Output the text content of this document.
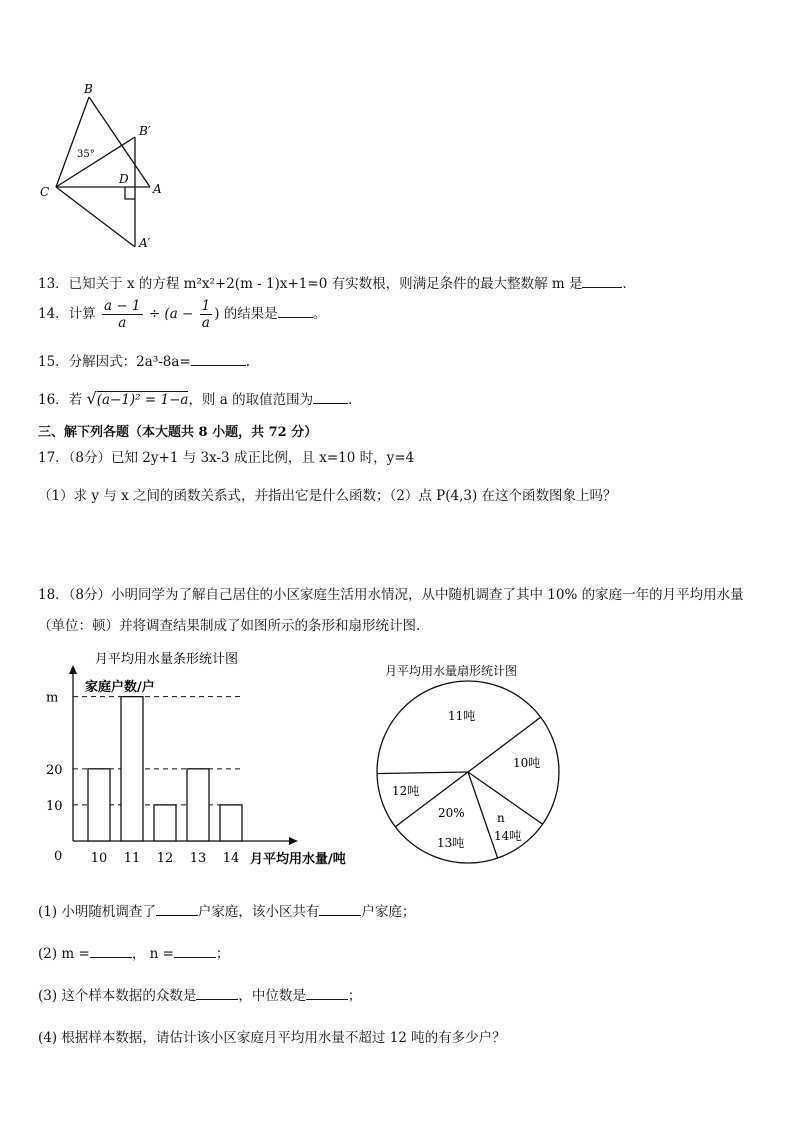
B
B′
35°
C
D
A
A′
13．已知关于 x 的方程 m²x²+2(m - 1)x+1=0 有实数根，则满足条件的最大整数解 m 是	．
14．计算 $\frac{a - 1}{a} \div (a - \frac{1}{a}$ ) 的结果是	。
15．分解因式：2a³-8a=	.
16．若 √(a−1)² = 1−a，则 a 的取值范围为	．
三、解下列各题（本大题共 8 小题，共 72 分）
17．（8分）已知 2y+1 与 3x-3 成正比例，且 x=10 时，y=4
（1）求 y 与 x 之间的函数关系式，并指出它是什么函数；（2）点 P(4,3) 在这个函数图象上吗？
18．（8分）小明同学为了解自己居住的小区家庭生活用水情况，从中随机调查了其中 10% 的家庭一年的月平均用水量
（单位：顿）并将调查结果制成了如图所示的条形和扇形统计图.
月平均用水量条形统计图
家庭户数/户
月平均用水量/吨
0
10
20
m
10 11 12 13 14
月平均用水量扇形统计图
11吨
10吨
n
14吨
20%
13吨
12吨
(1) 小明随机调查了	户家庭，该小区共有	户家庭；
(2) m =	， n =	；
(3) 这个样本数据的众数是	，中位数是	；
(4) 根据样本数据，请估计该小区家庭月平均用水量不超过 12 吨的有多少户？
